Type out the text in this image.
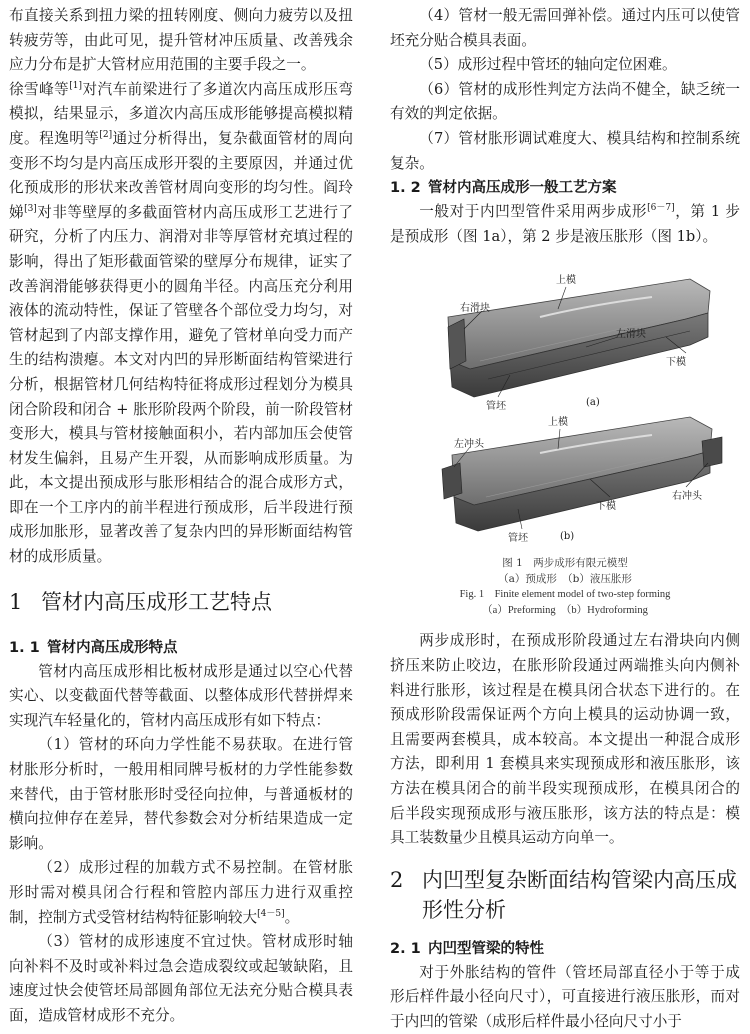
布直接关系到扭力梁的扭转刚度、侧向力疲劳以及扭转疲劳等，由此可见，提升管材冲压质量、改善残余应力分布是扩大管材应用范围的主要手段之一。

徐雪峰等[1]对汽车前梁进行了多道次内高压成形压弯模拟，结果显示，多道次内高压成形能够提高模拟精度。程逸明等[2]通过分析得出，复杂截面管材的周向变形不均匀是内高压成形开裂的主要原因，并通过优化预成形的形状来改善管材周向变形的均匀性。阎玲娣[3]对非等壁厚的多截面管材内高压成形工艺进行了研究，分析了内压力、润滑对非等厚管材充填过程的影响，得出了矩形截面管梁的壁厚分布规律，证实了改善润滑能够获得更小的圆角半径。内高压充分利用液体的流动特性，保证了管壁各个部位受力均匀，对管材起到了内部支撑作用，避免了管材单向受力而产生的结构溃瘪。本文对内凹的异形断面结构管梁进行分析，根据管材几何结构特征将成形过程划分为模具闭合阶段和闭合 + 胀形阶段两个阶段，前一阶段管材变形大，模具与管材接触面积小，若内部加压会使管材发生偏斜，且易产生开裂，从而影响成形质量。为此，本文提出预成形与胀形相结合的混合成形方式，即在一个工序内的前半程进行预成形，后半段进行预成形加胀形，显著改善了复杂内凹的异形断面结构管材的成形质量。

1 管材内高压成形工艺特点
1. 1 管材内高压成形特点

管材内高压成形相比板材成形是通过以空心代替实心、以变截面代替等截面、以整体成形代替拼焊来实现汽车轻量化的，管材内高压成形有如下特点：

（1）管材的环向力学性能不易获取。在进行管材胀形分析时，一般用相同牌号板材的力学性能参数来替代，由于管材胀形时受径向拉伸，与普通板材的横向拉伸存在差异，替代参数会对分析结果造成一定影响。

（2）成形过程的加载方式不易控制。在管材胀形时需对模具闭合行程和管腔内部压力进行双重控制，控制方式受管材结构特征影响较大[4－5]。

（3）管材的成形速度不宜过快。管材成形时轴向补料不及时或补料过急会造成裂纹或起皱缺陷，且速度过快会使管坯局部圆角部位无法充分贴合模具表面，造成管材成形不充分。

（4）管材一般无需回弹补偿。通过内压可以使管坯充分贴合模具表面。

（5）成形过程中管坯的轴向定位困难。

（6）管材的成形性判定方法尚不健全，缺乏统一有效的判定依据。

（7）管材胀形调试难度大、模具结构和控制系统复杂。

1. 2 管材内高压成形一般工艺方案

一般对于内凹型管件采用两步成形[6－7]，第 1 步是预成形（图 1a），第 2 步是液压胀形（图 1b）。

上模
右滑块
左滑块
下模
管坯	(a)
上模
左冲头
右冲头
下模
管坯	(b)
图 1　两步成形有限元模型
（a）预成形　（b）液压胀形
Fig. 1　Finite element model of two-step forming
（a）Preforming　（b）Hydroforming

两步成形时，在预成形阶段通过左右滑块向内侧挤压来防止咬边，在胀形阶段通过两端推头向内侧补料进行胀形，该过程是在模具闭合状态下进行的。在预成形阶段需保证两个方向上模具的运动协调一致，且需要两套模具，成本较高。本文提出一种混合成形方法，即利用 1 套模具来实现预成形和液压胀形，该方法在模具闭合的前半段实现预成形，在模具闭合的后半段实现预成形与液压胀形，该方法的特点是：模具工装数量少且模具运动方向单一。

2 内凹型复杂断面结构管梁内高压成形性分析
2. 1 内凹型管梁的特性

对于外胀结构的管件（管坯局部直径小于等于成形后样件最小径向尺寸），可直接进行液压胀形，而对于内凹的管梁（成形后样件最小径向尺寸小于
